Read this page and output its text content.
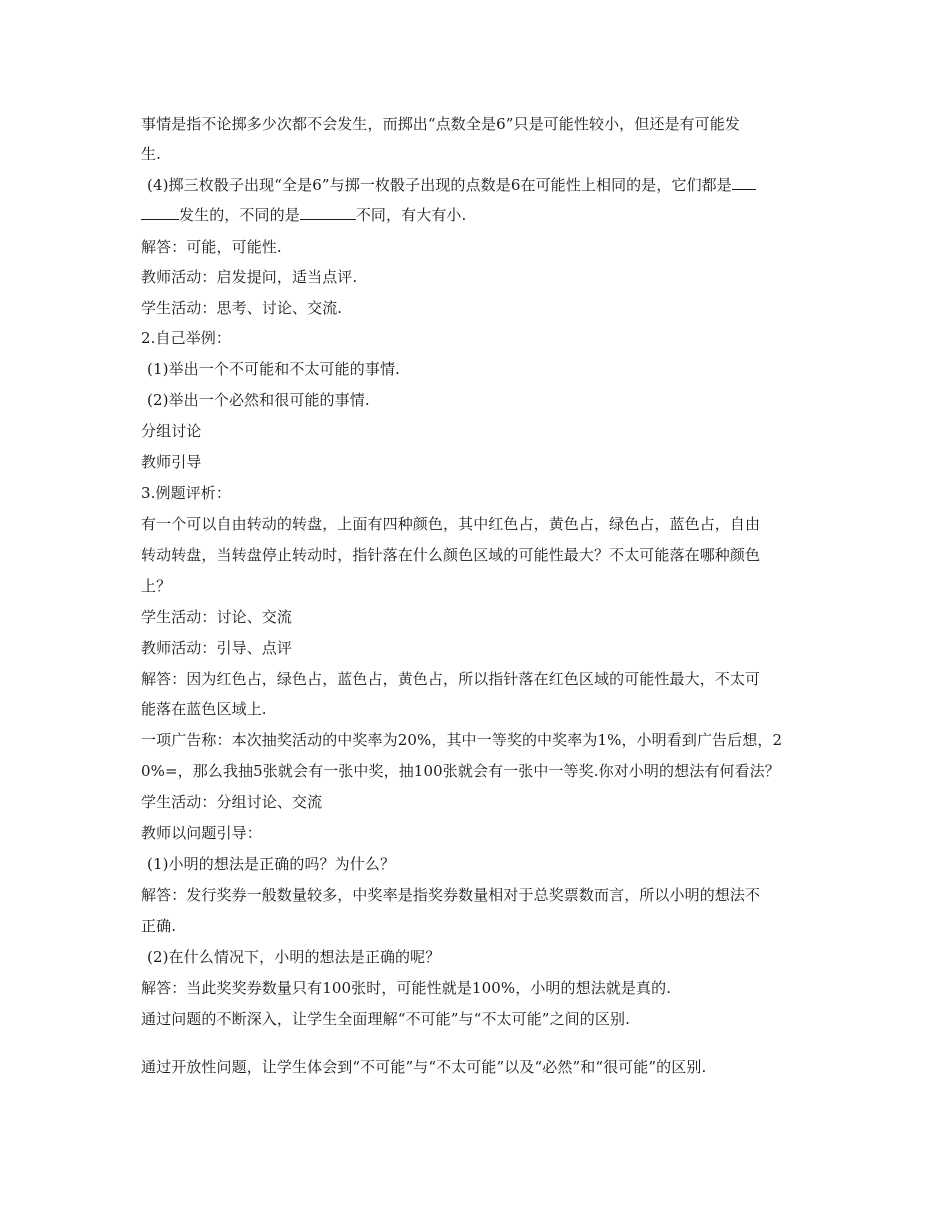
事情是指不论掷多少次都不会发生，而掷出“点数全是6”只是可能性较小，但还是有可能发
生.
(4)掷三枚骰子出现“全是6”与掷一枚骰子出现的点数是6在可能性上相同的是，它们都是
发生的，不同的是	不同，有大有小.
解答：可能，可能性.
教师活动：启发提问，适当点评.
学生活动：思考、讨论、交流.
2.自己举例：
(1)举出一个不可能和不太可能的事情.
(2)举出一个必然和很可能的事情.
分组讨论
教师引导
3.例题评析：
有一个可以自由转动的转盘，上面有四种颜色，其中红色占，黄色占，绿色占，蓝色占，自由
转动转盘，当转盘停止转动时，指针落在什么颜色区域的可能性最大？不太可能落在哪种颜色
上？
学生活动：讨论、交流
教师活动：引导、点评
解答：因为红色占，绿色占，蓝色占，黄色占，所以指针落在红色区域的可能性最大，不太可
能落在蓝色区域上.
一项广告称：本次抽奖活动的中奖率为20%，其中一等奖的中奖率为1%，小明看到广告后想，2
0%=，那么我抽5张就会有一张中奖，抽100张就会有一张中一等奖.你对小明的想法有何看法？
学生活动：分组讨论、交流
教师以问题引导：
(1)小明的想法是正确的吗？为什么？
解答：发行奖券一般数量较多，中奖率是指奖券数量相对于总奖票数而言，所以小明的想法不
正确.
(2)在什么情况下，小明的想法是正确的呢？
解答：当此奖奖券数量只有100张时，可能性就是100%，小明的想法就是真的.
通过问题的不断深入，让学生全面理解“不可能”与“不太可能”之间的区别.
通过开放性问题，让学生体会到“不可能”与“不太可能”以及“必然”和“很可能”的区别.
